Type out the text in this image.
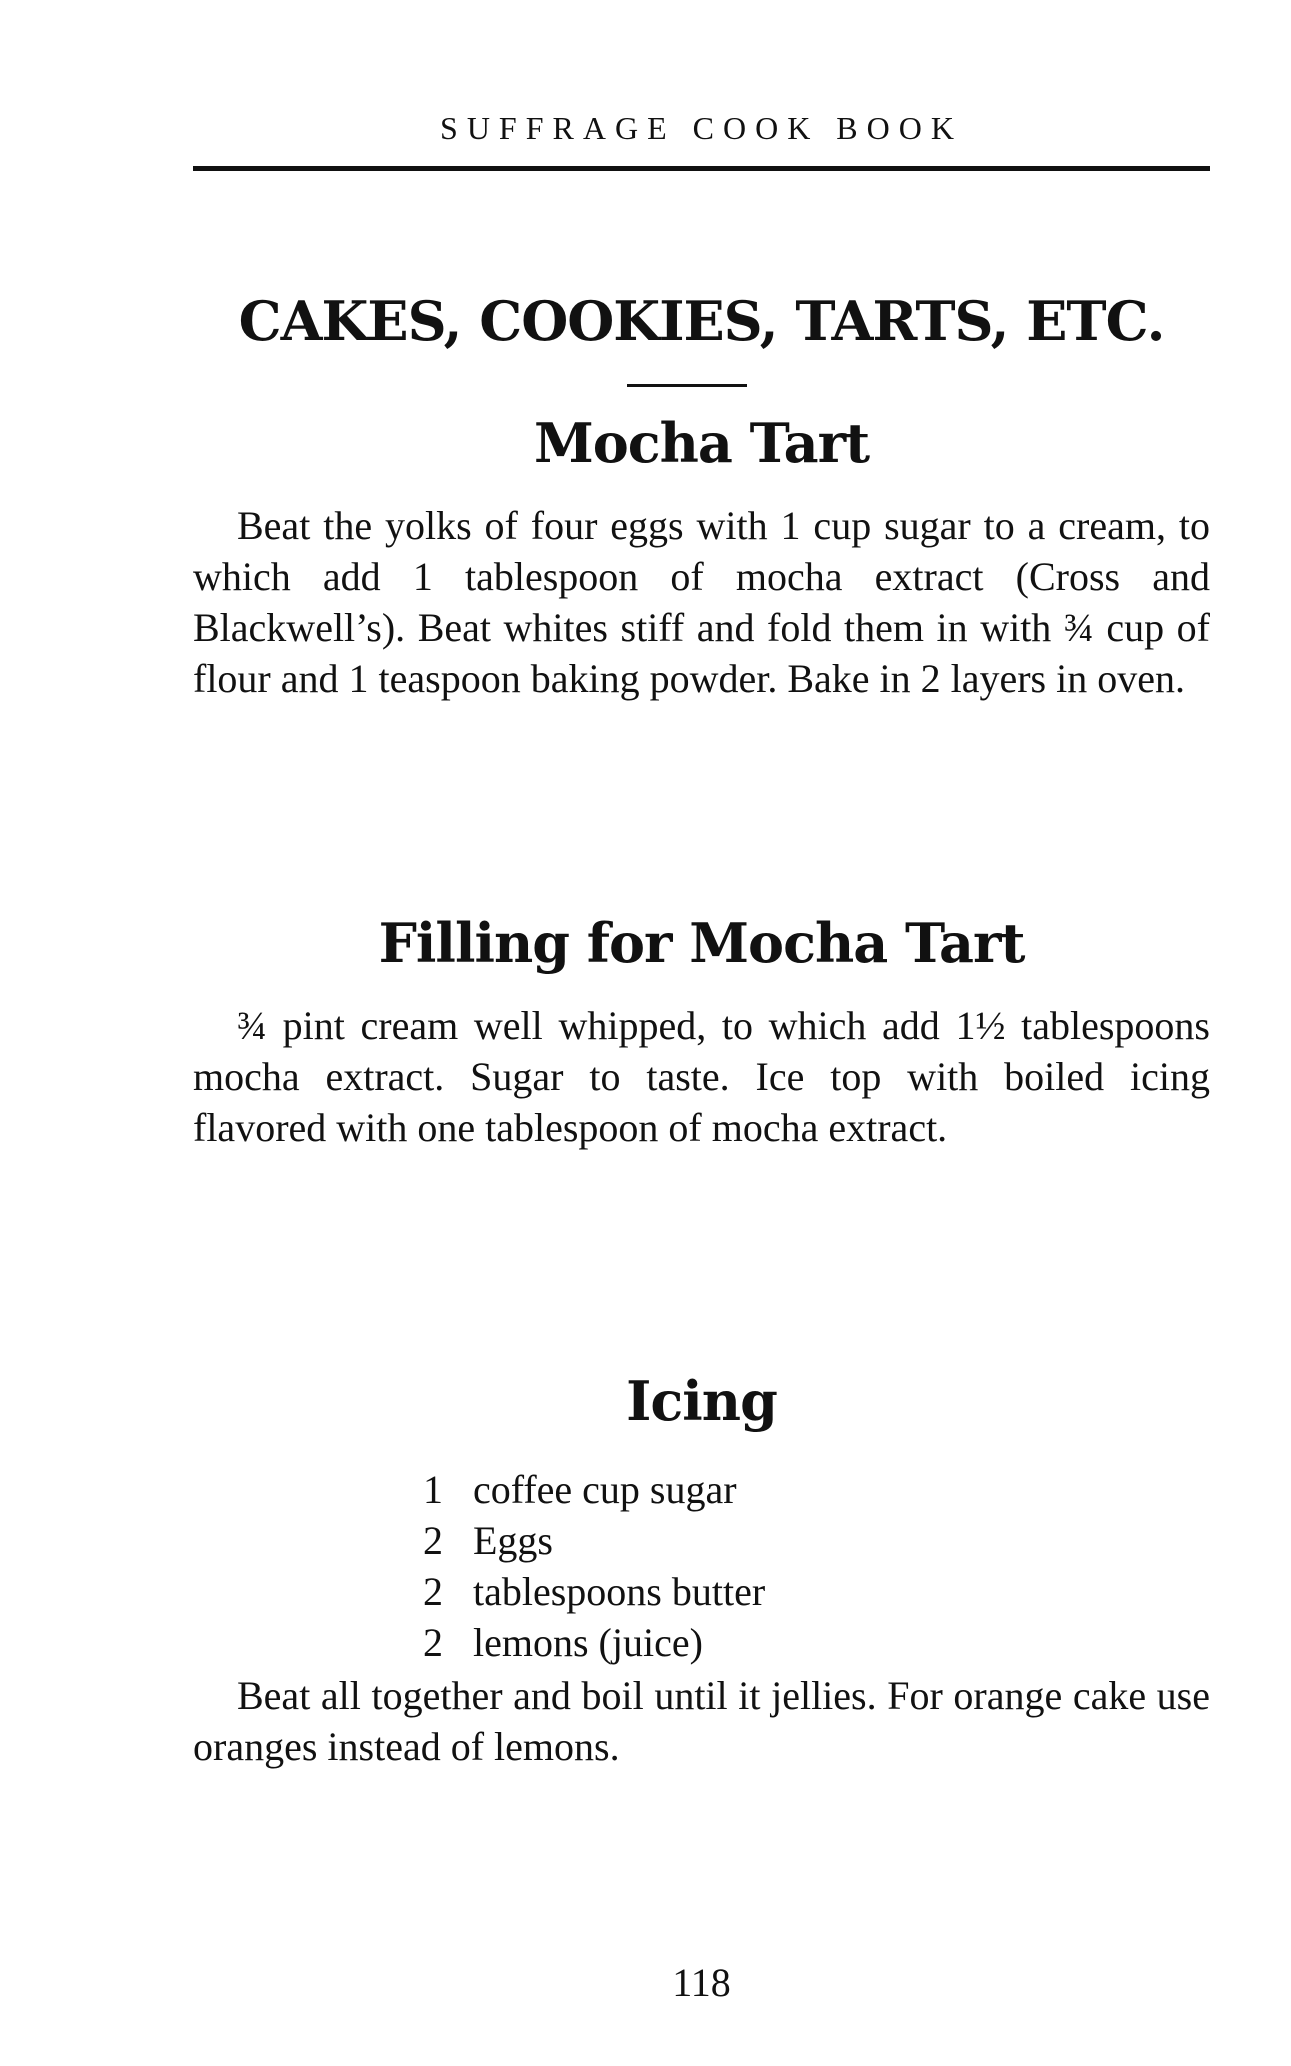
SUFFRAGE COOK BOOK
CAKES, COOKIES, TARTS, ETC.
Mocha Tart

Beat the yolks of four eggs with 1 cup sugar to a cream, to which add 1 tablespoon of mocha extract (Cross and Blackwell’s). Beat whites stiff and fold them in with ¾ cup of flour and 1 teaspoon baking powder. Bake in 2 layers in oven.

Filling for Mocha Tart

¾ pint cream well whipped, to which add 1½ tablespoons mocha extract. Sugar to taste. Ice top with boiled icing flavored with one tablespoon of mocha extract.

Icing
1 coffee cup sugar
2 Eggs
2 tablespoons butter
2 lemons (juice)

Beat all together and boil until it jellies. For orange cake use oranges instead of lemons.

118
